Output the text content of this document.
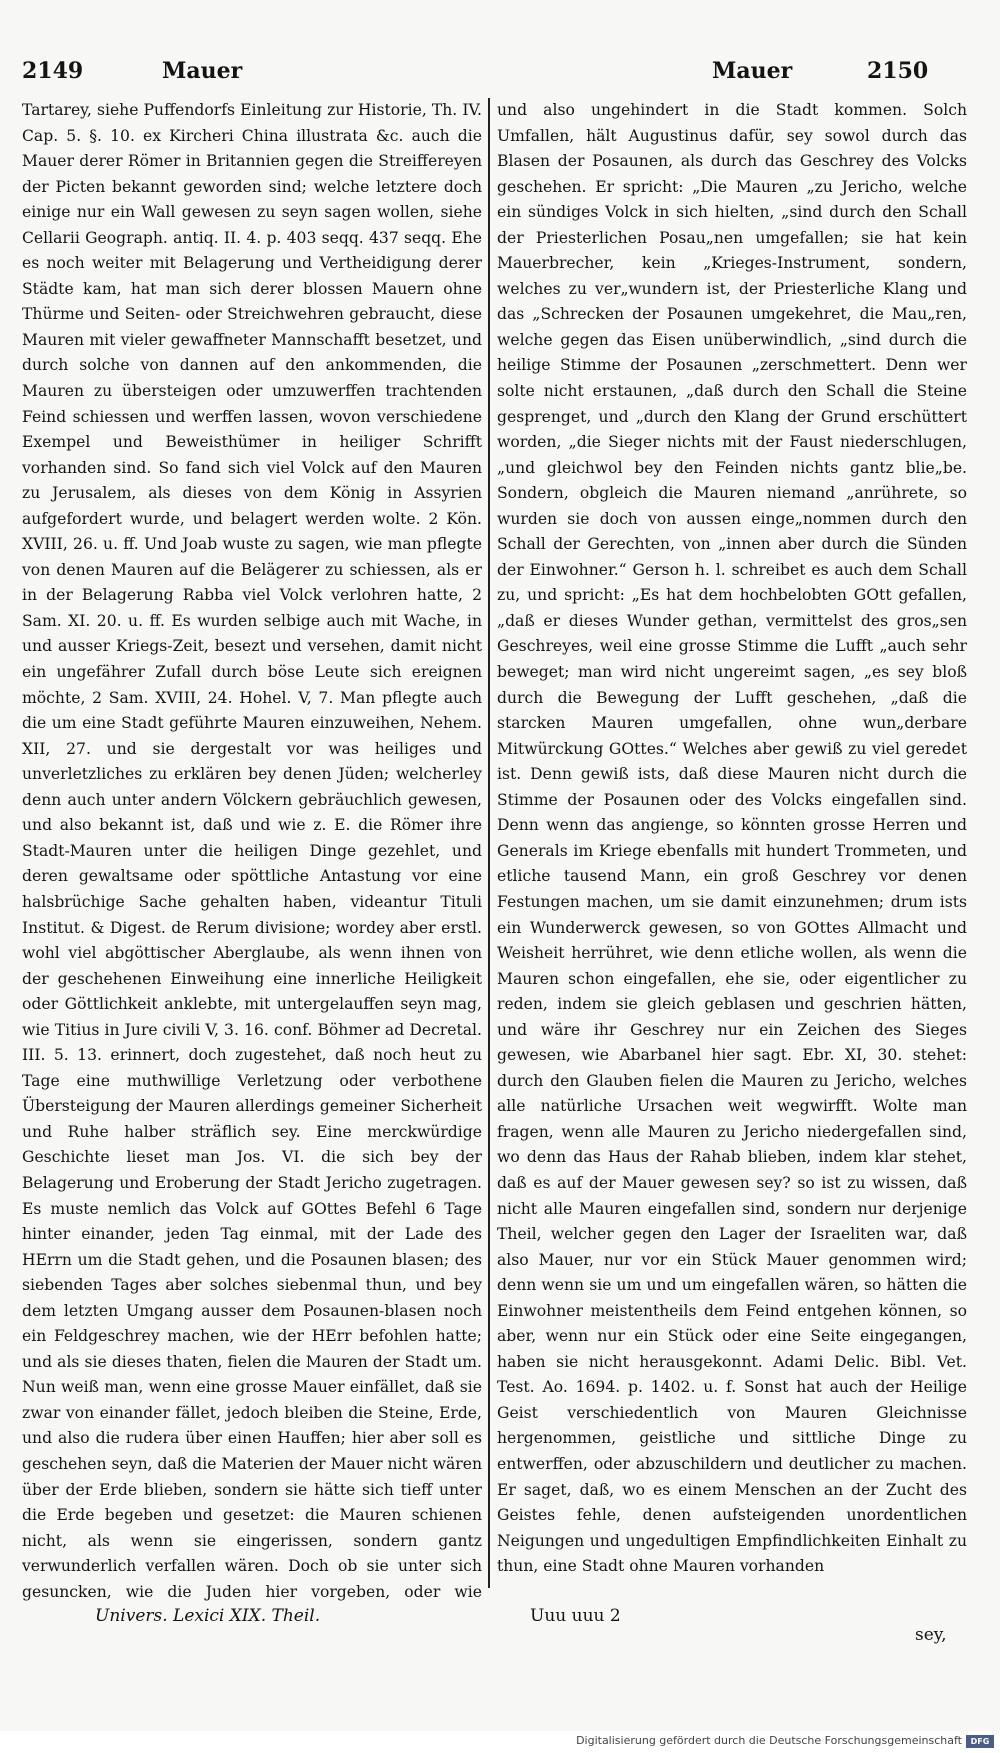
2149	Mauer	Mauer	2150

Tartarey, siehe Puffendorfs Einleitung zur Historie, Th. IV. Cap. 5. §. 10. ex Kircheri China illustrata &c. auch die Mauer derer Römer in Britannien gegen die Streiffereyen der Picten bekannt geworden sind; welche letztere doch einige nur ein Wall gewesen zu seyn sagen wollen, siehe Cellarii Geograph. antiq. II. 4. p. 403 seqq. 437 seqq. Ehe es noch weiter mit Belagerung und Vertheidigung derer Städte kam, hat man sich derer blossen Mauern ohne Thürme und Seiten- oder Streichwehren gebraucht, diese Mauren mit vieler gewaffneter Mannschafft besetzet, und durch solche von dannen auf den ankommenden, die Mauren zu übersteigen oder umzuwerffen trachtenden Feind schiessen und werffen lassen, wovon verschiedene Exempel und Beweisthümer in heiliger Schrifft vorhanden sind. So fand sich viel Volck auf den Mauren zu Jerusalem, als dieses von dem König in Assyrien aufgefordert wurde, und belagert werden wolte. 2 Kön. XVIII, 26. u. ff. Und Joab wuste zu sagen, wie man pflegte von denen Mauren auf die Belägerer zu schiessen, als er in der Belagerung Rabba viel Volck verlohren hatte, 2 Sam. XI. 20. u. ff. Es wurden selbige auch mit Wache, in und ausser Kriegs-Zeit, besezt und versehen, damit nicht ein ungefährer Zufall durch böse Leute sich ereignen möchte, 2 Sam. XVIII, 24. Hohel. V, 7. Man pflegte auch die um eine Stadt geführte Mauren einzuweihen, Nehem. XII, 27. und sie dergestalt vor was heiliges und unverletzliches zu erklären bey denen Jüden; welcherley denn auch unter andern Völckern gebräuchlich gewesen, und also bekannt ist, daß und wie z. E. die Römer ihre Stadt-Mauren unter die heiligen Dinge gezehlet, und deren gewaltsame oder spöttliche Antastung vor eine halsbrüchige Sache gehalten haben, videantur Tituli Institut. & Digest. de Rerum divisione; wordey aber erstl. wohl viel abgöttischer Aberglaube, als wenn ihnen von der geschehenen Einweihung eine innerliche Heiligkeit oder Göttlichkeit anklebte, mit untergelauffen seyn mag, wie Titius in Jure civili V, 3. 16. conf. Böhmer ad Decretal. III. 5. 13. erinnert, doch zugestehet, daß noch heut zu Tage eine muthwillige Verletzung oder verbothene Übersteigung der Mauren allerdings gemeiner Sicherheit und Ruhe halber sträflich sey. Eine merckwürdige Geschichte lieset man Jos. VI. die sich bey der Belagerung und Eroberung der Stadt Jericho zugetragen. Es muste nemlich das Volck auf GOttes Befehl 6 Tage hinter einander, jeden Tag einmal, mit der Lade des HErrn um die Stadt gehen, und die Posaunen blasen; des siebenden Tages aber solches siebenmal thun, und bey dem letzten Umgang ausser dem Posaunen-blasen noch ein Feldgeschrey machen, wie der HErr befohlen hatte; und als sie dieses thaten, fielen die Mauren der Stadt um. Nun weiß man, wenn eine grosse Mauer einfället, daß sie zwar von einander fället, jedoch bleiben die Steine, Erde, und also die rudera über einen Hauffen; hier aber soll es geschehen seyn, daß die Materien der Mauer nicht wären über der Erde blieben, sondern sie hätte sich tieff unter die Erde begeben und gesetzet: die Mauren schienen nicht, als wenn sie eingerissen, sondern gantz verwunderlich verfallen wären. Doch ob sie unter sich gesuncken, wie die Juden hier vorgeben, oder wie

und also ungehindert in die Stadt kommen. Solch Umfallen, hält Augustinus dafür, sey sowol durch das Blasen der Posaunen, als durch das Geschrey des Volcks geschehen. Er spricht: „Die Mauren „zu Jericho, welche ein sündiges Volck in sich hielten, „sind durch den Schall der Priesterlichen Posau„nen umgefallen; sie hat kein Mauerbrecher, kein „Krieges-Instrument, sondern, welches zu ver„wundern ist, der Priesterliche Klang und das „Schrecken der Posaunen umgekehret, die Mau„ren, welche gegen das Eisen unüberwindlich, „sind durch die heilige Stimme der Posaunen „zerschmettert. Denn wer solte nicht erstaunen, „daß durch den Schall die Steine gesprenget, und „durch den Klang der Grund erschüttert worden, „die Sieger nichts mit der Faust niederschlugen, „und gleichwol bey den Feinden nichts gantz blie„be. Sondern, obgleich die Mauren niemand „anrührete, so wurden sie doch von aussen einge„nommen durch den Schall der Gerechten, von „innen aber durch die Sünden der Einwohner.“ Gerson h. l. schreibet es auch dem Schall zu, und spricht: „Es hat dem hochbelobten GOtt gefallen, „daß er dieses Wunder gethan, vermittelst des gros„sen Geschreyes, weil eine grosse Stimme die Lufft „auch sehr beweget; man wird nicht ungereimt sagen, „es sey bloß durch die Bewegung der Lufft geschehen, „daß die starcken Mauren umgefallen, ohne wun„derbare Mitwürckung GOttes.“ Welches aber gewiß zu viel geredet ist. Denn gewiß ists, daß diese Mauren nicht durch die Stimme der Posaunen oder des Volcks eingefallen sind. Denn wenn das angienge, so könnten grosse Herren und Generals im Kriege ebenfalls mit hundert Trommeten, und etliche tausend Mann, ein groß Geschrey vor denen Festungen machen, um sie damit einzunehmen; drum ists ein Wunderwerck gewesen, so von GOttes Allmacht und Weisheit herrühret, wie denn etliche wollen, als wenn die Mauren schon eingefallen, ehe sie, oder eigentlicher zu reden, indem sie gleich geblasen und geschrien hätten, und wäre ihr Geschrey nur ein Zeichen des Sieges gewesen, wie Abarbanel hier sagt. Ebr. XI, 30. stehet: durch den Glauben fielen die Mauren zu Jericho, welches alle natürliche Ursachen weit wegwirfft. Wolte man fragen, wenn alle Mauren zu Jericho niedergefallen sind, wo denn das Haus der Rahab blieben, indem klar stehet, daß es auf der Mauer gewesen sey? so ist zu wissen, daß nicht alle Mauren eingefallen sind, sondern nur derjenige Theil, welcher gegen den Lager der Israeliten war, daß also Mauer, nur vor ein Stück Mauer genommen wird; denn wenn sie um und um eingefallen wären, so hätten die Einwohner meistentheils dem Feind entgehen können, so aber, wenn nur ein Stück oder eine Seite eingegangen, haben sie nicht herausgekonnt. Adami Delic. Bibl. Vet. Test. Ao. 1694. p. 1402. u. f. Sonst hat auch der Heilige Geist verschiedentlich von Mauren Gleichnisse hergenommen, geistliche und sittliche Dinge zu entwerffen, oder abzuschildern und deutlicher zu machen. Er saget, daß, wo es einem Menschen an der Zucht des Geistes fehle, denen aufsteigenden unordentlichen Neigungen und ungedultigen Empfindlichkeiten Einhalt zu thun, eine Stadt ohne Mauren vorhanden

Univers. Lexici XIX. Theil.	Uuu uuu 2
sey,
Digitalisierung gefördert durch die Deutsche Forschungsgemeinschaft	DFG
